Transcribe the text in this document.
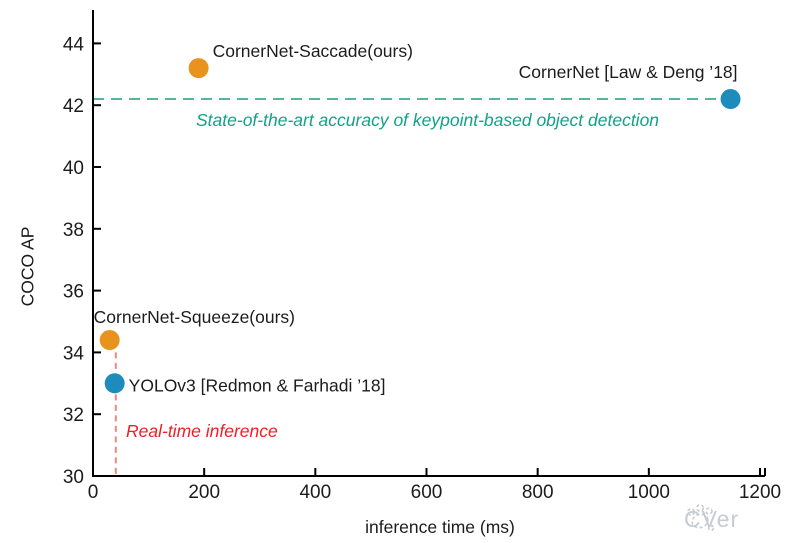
30
32
34
36
38
40
42
44
0	200	400	600	800	1000	1200
CornerNet-Saccade(ours)
CornerNet [Law & Deng ’18]
CornerNet-Squeeze(ours)
YOLOv3 [Redmon & Farhadi ’18]
inference time (ms)
COCO AP
State-of-the-art accuracy of keypoint-based object detection
Real-time inference
CVer
